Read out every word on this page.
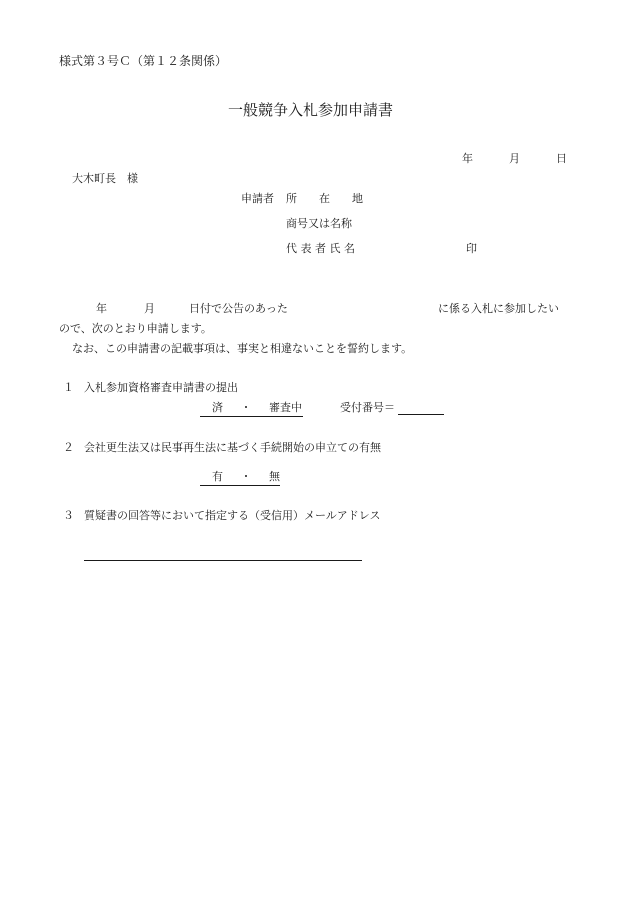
様式第３号Ｃ（第１２条関係）
一般競争入札参加申請書
年	月	日
大木町長　様
申請者 所　　在　　地
商号又は名称
代 表 者 氏 名	印
年	月	日付で公告のあった	に係る入札に参加したい
ので、次のとおり申請します。
なお、この申請書の記載事項は、事実と相違ないことを誓約します。
１ 入札参加資格審査申請書の提出
済 ・ 審査中	受付番号＝
２ 会社更生法又は民事再生法に基づく手続開始の申立ての有無
有 ・ 無
３ 質疑書の回答等において指定する（受信用）メールアドレス
